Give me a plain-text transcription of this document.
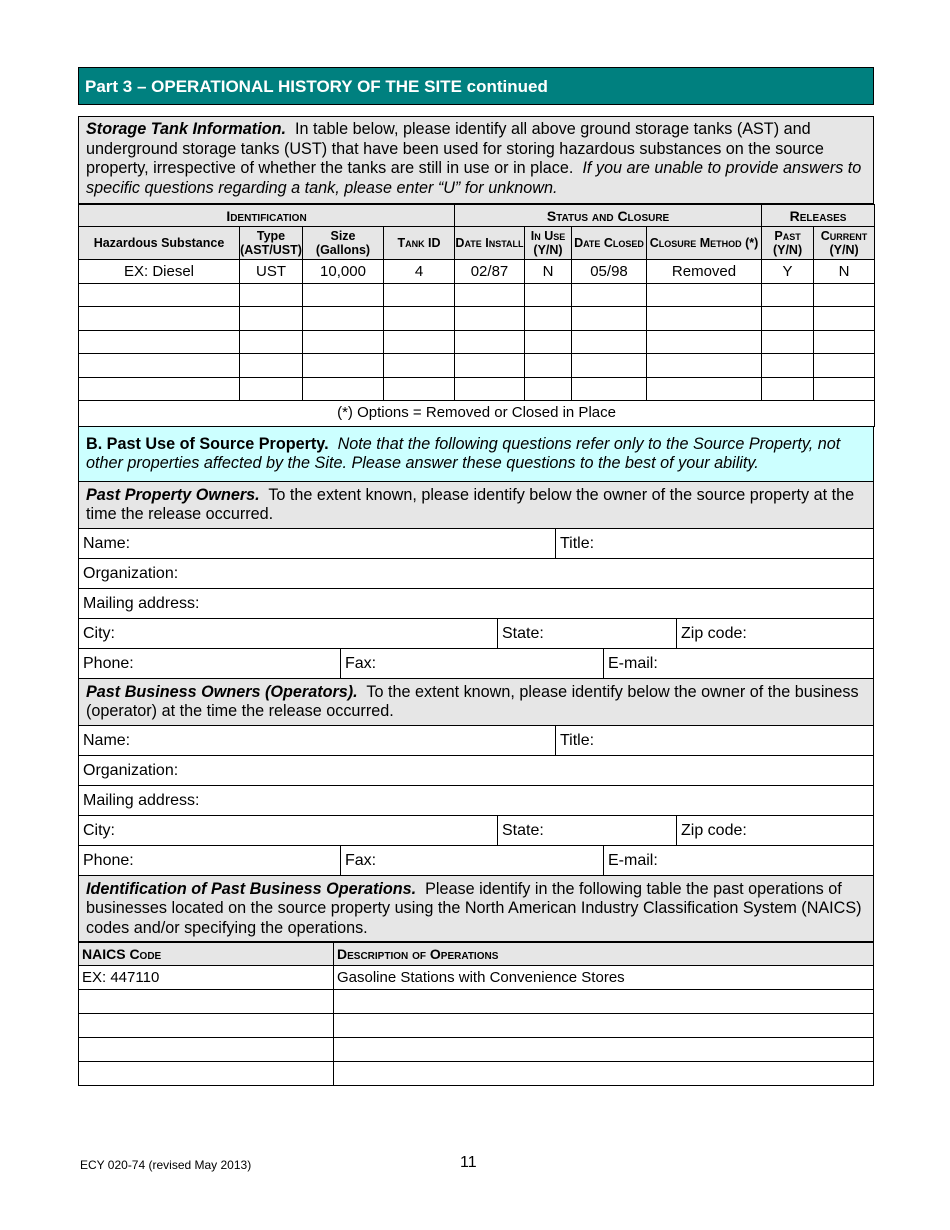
Part 3 – OPERATIONAL HISTORY OF THE SITE continued
Storage Tank Information. In table below, please identify all above ground storage tanks (AST) and underground storage tanks (UST) that have been used for storing hazardous substances on the source property, irrespective of whether the tanks are still in use or in place. If you are unable to provide answers to specific questions regarding a tank, please enter “U” for unknown.
Identification				Status and Closure				Releases	
Hazardous Substance	Type (AST/UST)	Size (Gallons)	Tank ID	Date Install	In Use (Y/N)	Date Closed	Closure Method (*)	Past (Y/N)	Current (Y/N)
EX: Diesel	UST	10,000	4	02/87	N	05/98	Removed	Y	N

(*) Options = Removed or Closed in Place									
B. Past Use of Source Property. Note that the following questions refer only to the Source Property, not other properties affected by the Site. Please answer these questions to the best of your ability.
Past Property Owners. To the extent known, please identify below the owner of the source property at the time the release occurred.
Name:	Title:
Organization:
Mailing address:
City:	State:	Zip code:
Phone:	Fax:	E-mail:
Past Business Owners (Operators). To the extent known, please identify below the owner of the business (operator) at the time the release occurred.
Name:	Title:
Organization:
Mailing address:
City:	State:	Zip code:
Phone:	Fax:	E-mail:
Identification of Past Business Operations. Please identify in the following table the past operations of businesses located on the source property using the North American Industry Classification System (NAICS) codes and/or specifying the operations.
NAICS Code	Description of Operations
EX: 447110	Gasoline Stations with Convenience Stores

ECY 020-74 (revised May 2013)	11
